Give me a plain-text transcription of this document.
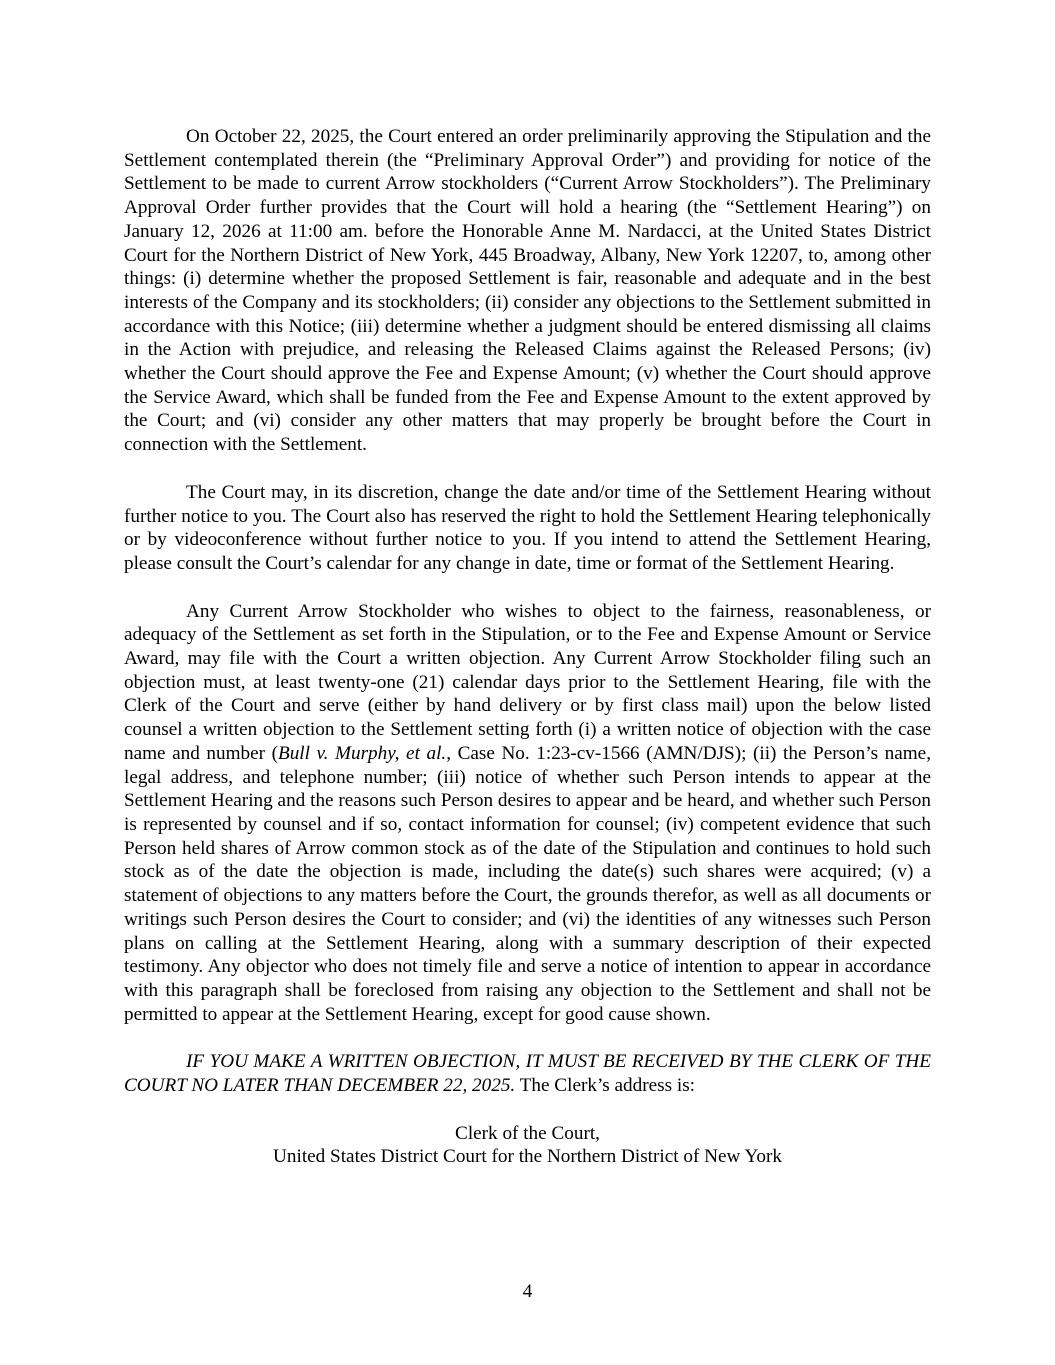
On October 22, 2025, the Court entered an order preliminarily approving the Stipulation and the Settlement contemplated therein (the “Preliminary Approval Order”) and providing for notice of the Settlement to be made to current Arrow stockholders (“Current Arrow Stockholders”). The Preliminary Approval Order further provides that the Court will hold a hearing (the “Settlement Hearing”) on January 12, 2026 at 11:00 am. before the Honorable Anne M. Nardacci, at the United States District Court for the Northern District of New York, 445 Broadway, Albany, New York 12207, to, among other things: (i) determine whether the proposed Settlement is fair, reasonable and adequate and in the best interests of the Company and its stockholders; (ii) consider any objections to the Settlement submitted in accordance with this Notice; (iii) determine whether a judgment should be entered dismissing all claims in the Action with prejudice, and releasing the Released Claims against the Released Persons; (iv) whether the Court should approve the Fee and Expense Amount; (v) whether the Court should approve the Service Award, which shall be funded from the Fee and Expense Amount to the extent approved by the Court; and (vi) consider any other matters that may properly be brought before the Court in connection with the Settlement.

The Court may, in its discretion, change the date and/or time of the Settlement Hearing without further notice to you. The Court also has reserved the right to hold the Settlement Hearing telephonically or by videoconference without further notice to you. If you intend to attend the Settlement Hearing, please consult the Court’s calendar for any change in date, time or format of the Settlement Hearing.

Any Current Arrow Stockholder who wishes to object to the fairness, reasonableness, or adequacy of the Settlement as set forth in the Stipulation, or to the Fee and Expense Amount or Service Award, may file with the Court a written objection. Any Current Arrow Stockholder filing such an objection must, at least twenty-one (21) calendar days prior to the Settlement Hearing, file with the Clerk of the Court and serve (either by hand delivery or by first class mail) upon the below listed counsel a written objection to the Settlement setting forth (i) a written notice of objection with the case name and number (Bull v. Murphy, et al., Case No. 1:23-cv-1566 (AMN/DJS); (ii) the Person’s name, legal address, and telephone number; (iii) notice of whether such Person intends to appear at the Settlement Hearing and the reasons such Person desires to appear and be heard, and whether such Person is represented by counsel and if so, contact information for counsel; (iv) competent evidence that such Person held shares of Arrow common stock as of the date of the Stipulation and continues to hold such stock as of the date the objection is made, including the date(s) such shares were acquired; (v) a statement of objections to any matters before the Court, the grounds therefor, as well as all documents or writings such Person desires the Court to consider; and (vi) the identities of any witnesses such Person plans on calling at the Settlement Hearing, along with a summary description of their expected testimony. Any objector who does not timely file and serve a notice of intention to appear in accordance with this paragraph shall be foreclosed from raising any objection to the Settlement and shall not be permitted to appear at the Settlement Hearing, except for good cause shown.

IF YOU MAKE A WRITTEN OBJECTION, IT MUST BE RECEIVED BY THE CLERK OF THE COURT NO LATER THAN DECEMBER 22, 2025. The Clerk’s address is:

Clerk of the Court,
United States District Court for the Northern District of New York

4
